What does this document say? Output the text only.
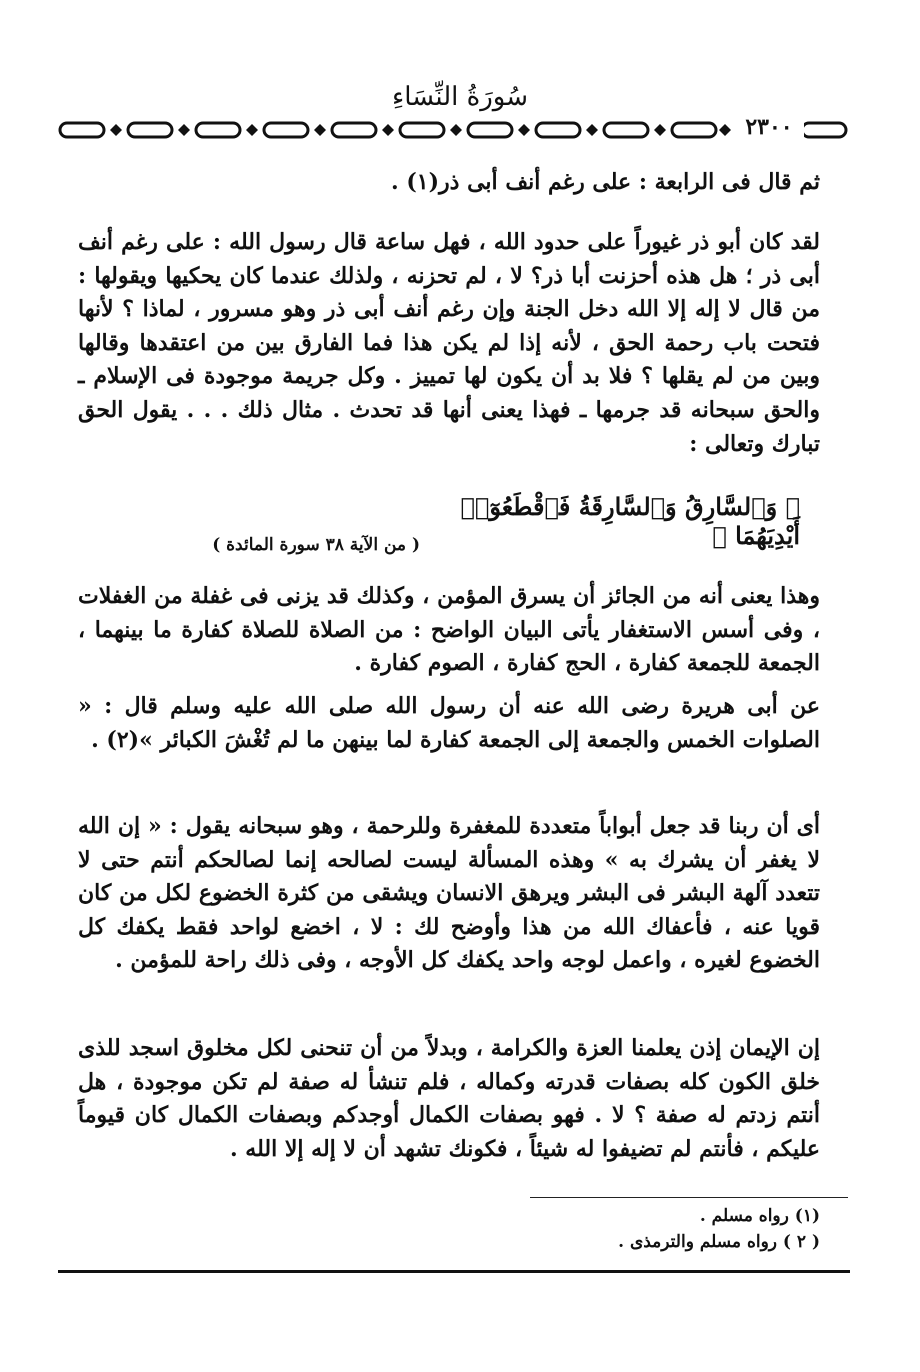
سُورَةُ النِّسَاءِ
٢٣٠٠
ثم قال فى الرابعة : على رغم أنف أبى ذر(١) .
لقد كان أبو ذر غيوراً على حدود الله ، فهل ساعة قال رسول الله : على رغم أنف أبى ذر ؛ هل هذه أحزنت أبا ذر؟ لا ، لم تحزنه ، ولذلك عندما كان يحكيها ويقولها : من قال لا إله إلا الله دخل الجنة وإن رغم أنف أبى ذر وهو مسرور ، لماذا ؟ لأنها فتحت باب رحمة الحق ، لأنه إذا لم يكن هذا فما الفارق بين من اعتقدها وقالها وبين من لم يقلها ؟ فلا بد أن يكون لها تمييز . وكل جريمة موجودة فى الإسلام ـ والحق سبحانه قد جرمها ـ فهذا يعنى أنها قد تحدث . مثال ذلك . . . يقول الحق تبارك وتعالى :
﴿ وَٱلسَّارِقُ وَٱلسَّارِقَةُ فَٱقْطَعُوٓا۟ أَيْدِيَهُمَا ﴾
( من الآية ٣٨ سورة المائدة )
وهذا يعنى أنه من الجائز أن يسرق المؤمن ، وكذلك قد يزنى فى غفلة من الغفلات ، وفى أسس الاستغفار يأتى البيان الواضح : من الصلاة للصلاة كفارة ما بينهما ، الجمعة للجمعة كفارة ، الحج كفارة ، الصوم كفارة .
عن أبى هريرة رضى الله عنه أن رسول الله صلى الله عليه وسلم قال : « الصلوات الخمس والجمعة إلى الجمعة كفارة لما بينهن ما لم تُغْشَ الكبائر »(٢) .
أى أن ربنا قد جعل أبواباً متعددة للمغفرة وللرحمة ، وهو سبحانه يقول : « إن الله لا يغفر أن يشرك به » وهذه المسألة ليست لصالحه إنما لصالحكم أنتم حتى لا تتعدد آلهة البشر فى البشر ويرهق الانسان ويشقى من كثرة الخضوع لكل من كان قويا عنه ، فأعفاك الله من هذا وأوضح لك : لا ، اخضع لواحد فقط يكفك كل الخضوع لغيره ، واعمل لوجه واحد يكفك كل الأوجه ، وفى ذلك راحة للمؤمن .
إن الإيمان إذن يعلمنا العزة والكرامة ، وبدلاً من أن تنحنى لكل مخلوق اسجد للذى خلق الكون كله بصفات قدرته وكماله ، فلم تنشأ له صفة لم تكن موجودة ، هل أنتم زدتم له صفة ؟ لا . فهو بصفات الكمال أوجدكم وبصفات الكمال كان قيوماً عليكم ، فأنتم لم تضيفوا له شيئاً ، فكونك تشهد أن لا إله إلا الله .
(١) رواه مسلم .
( ٢ ) رواه مسلم والترمذى .
